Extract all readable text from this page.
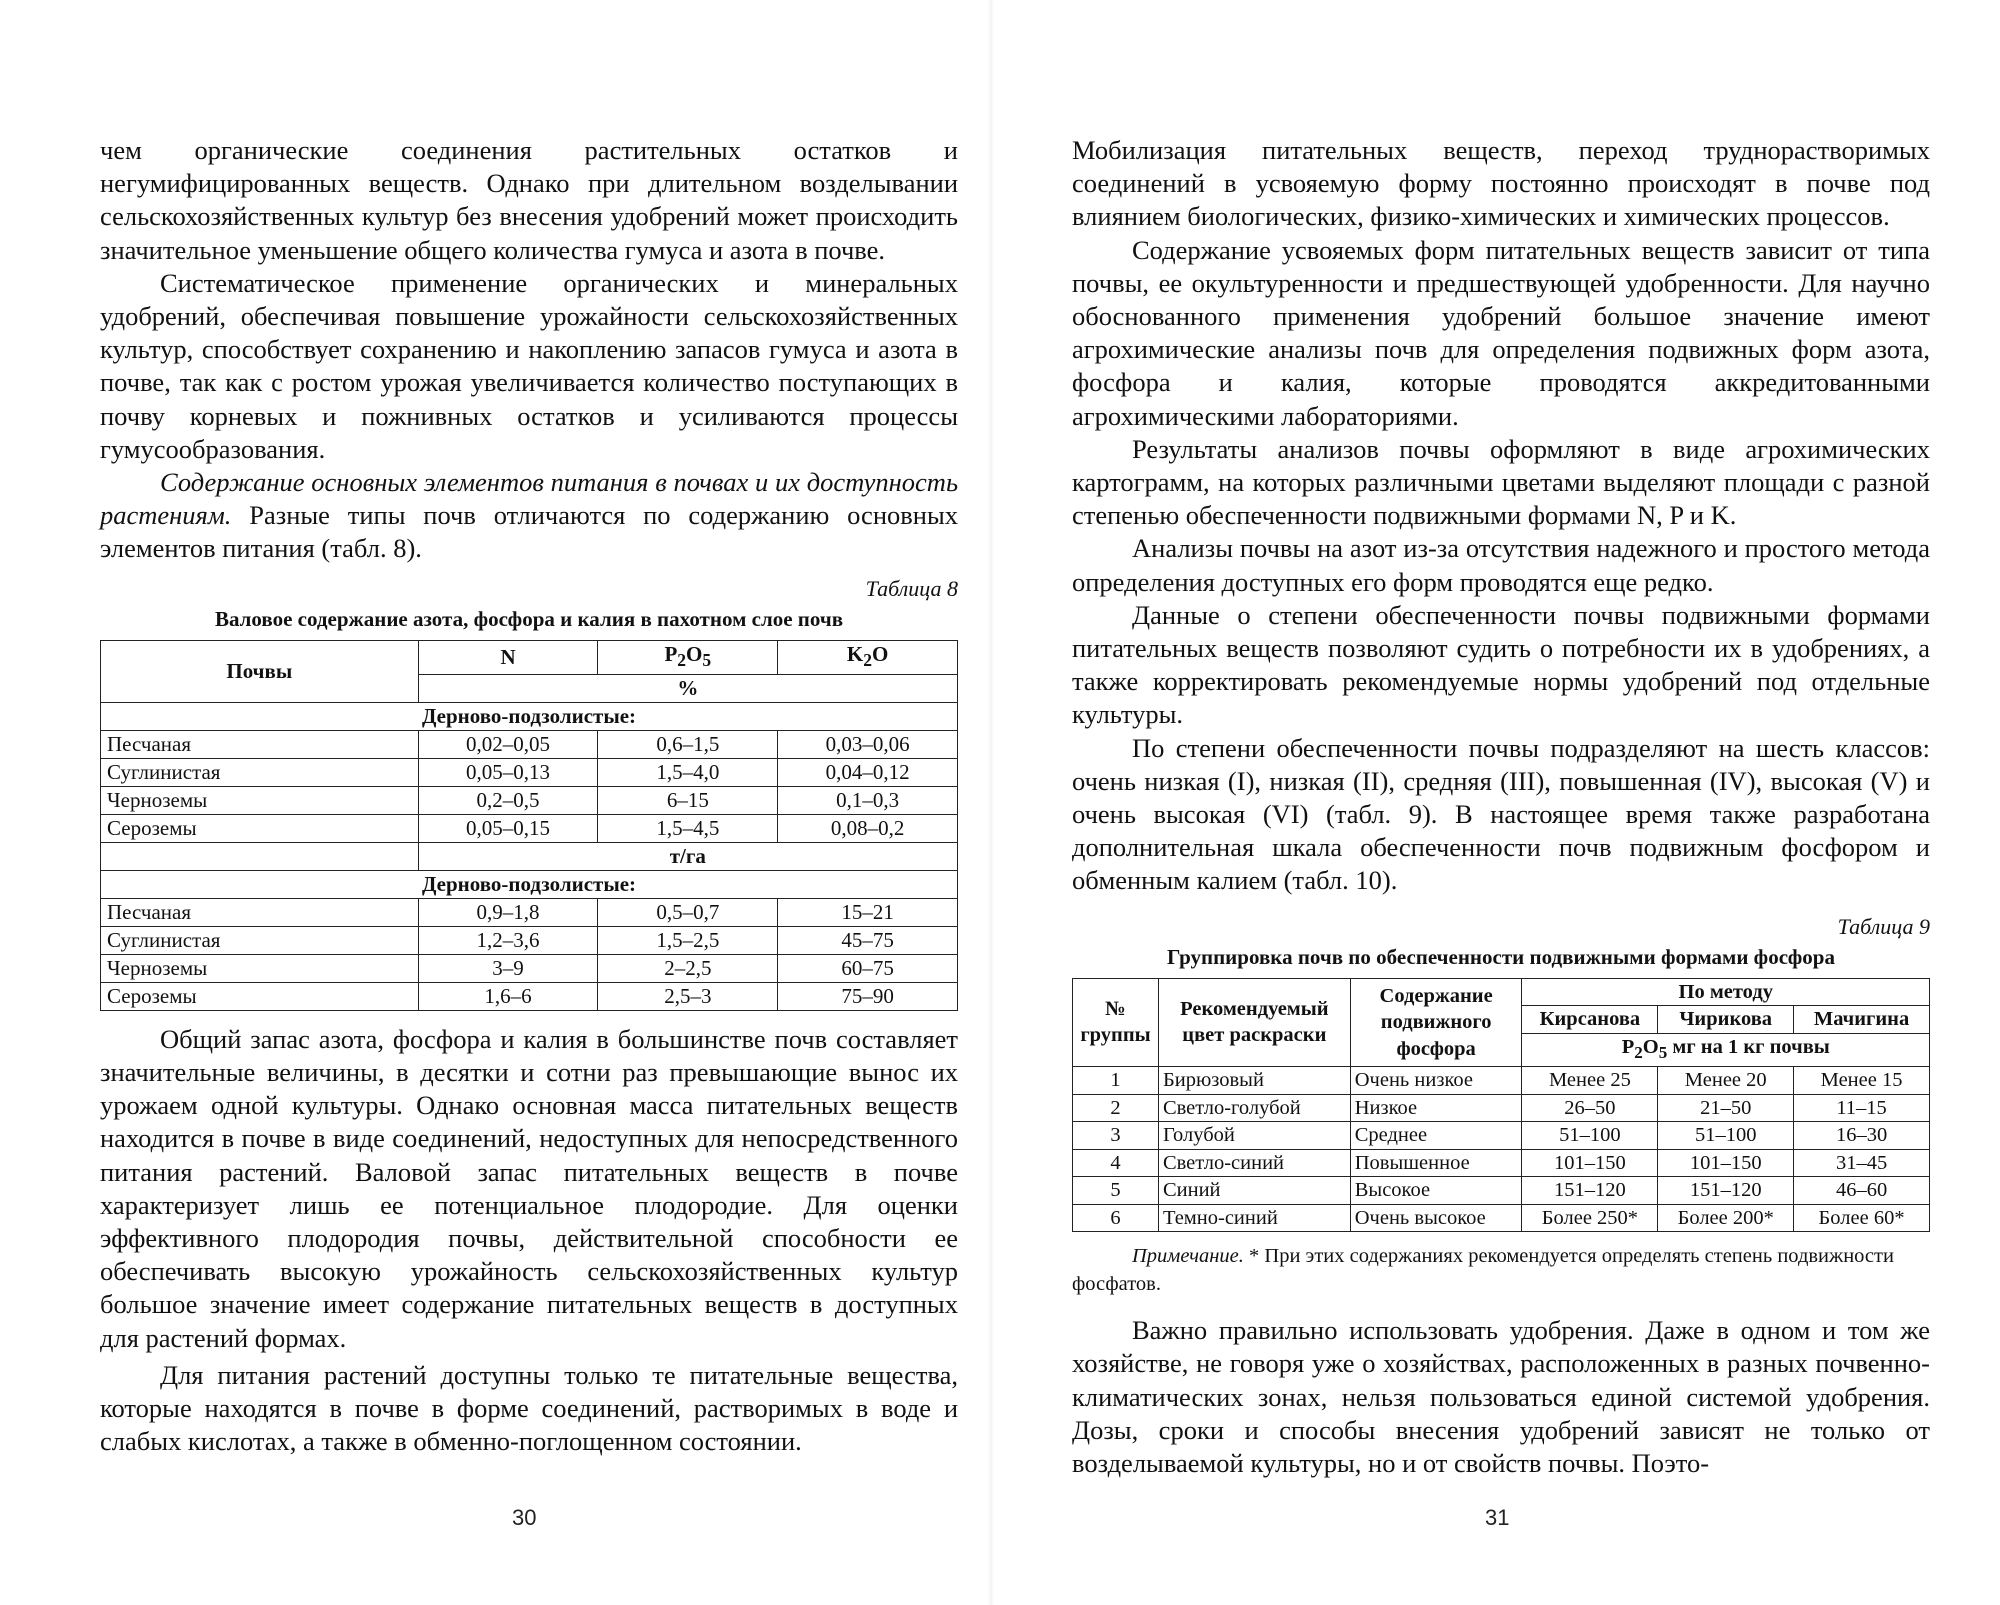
чем органические соединения растительных остатков и негумифицированных веществ. Однако при длительном возделывании сельскохозяйственных культур без внесения удобрений может происходить значительное уменьшение общего количества гумуса и азота в почве.

Систематическое применение органических и минеральных удобрений, обеспечивая повышение урожайности сельскохозяйственных культур, способствует сохранению и накоплению запасов гумуса и азота в почве, так как с ростом урожая увеличивается количество поступающих в почву корневых и пожнивных остатков и усиливаются процессы гумусообразования.

Содержание основных элементов питания в почвах и их доступность растениям. Разные типы почв отличаются по содержанию основных элементов питания (табл. 8).

Таблица 8
Валовое содержание азота, фосфора и калия в пахотном слое почв
Почвы	N	$P_2O_5$	$K_2O$
	%		
Дерново-подзолистые:			
Песчаная	0,02–0,05	0,6–1,5	0,03–0,06
Суглинистая	0,05–0,13	1,5–4,0	0,04–0,12
Черноземы	0,2–0,5	6–15	0,1–0,3
Сероземы	0,05–0,15	1,5–4,5	0,08–0,2
	т/га		
Дерново-подзолистые:			
Песчаная	0,9–1,8	0,5–0,7	15–21
Суглинистая	1,2–3,6	1,5–2,5	45–75
Черноземы	3–9	2–2,5	60–75
Сероземы	1,6–6	2,5–3	75–90

Общий запас азота, фосфора и калия в большинстве почв составляет значительные величины, в десятки и сотни раз превышающие вынос их урожаем одной культуры. Однако основная масса питательных веществ находится в почве в виде соединений, недоступных для непосредственного питания растений. Валовой запас питательных веществ в почве характеризует лишь ее потенциальное плодородие. Для оценки эффективного плодородия почвы, действительной способности ее обеспечивать высокую урожайность сельскохозяйственных культур большое значение имеет содержание питательных веществ в доступных для растений формах.

Для питания растений доступны только те питательные вещества, которые находятся в почве в форме соединений, растворимых в воде и слабых кислотах, а также в обменно-поглощенном состоянии.

Мобилизация питательных веществ, переход труднорастворимых соединений в усвояемую форму постоянно происходят в почве под влиянием биологических, физико-химических и химических процессов.

Содержание усвояемых форм питательных веществ зависит от типа почвы, ее окультуренности и предшествующей удобренности. Для научно обоснованного применения удобрений большое значение имеют агрохимические анализы почв для определения подвижных форм азота, фосфора и калия, которые проводятся аккредитованными агрохимическими лабораториями.

Результаты анализов почвы оформляют в виде агрохимических картограмм, на которых различными цветами выделяют площади с разной степенью обеспеченности подвижными формами N, P и K.

Анализы почвы на азот из-за отсутствия надежного и простого метода определения доступных его форм проводятся еще редко.

Данные о степени обеспеченности почвы подвижными формами питательных веществ позволяют судить о потребности их в удобрениях, а также корректировать рекомендуемые нормы удобрений под отдельные культуры.

По степени обеспеченности почвы подразделяют на шесть классов: очень низкая (I), низкая (II), средняя (III), повышенная (IV), высокая (V) и очень высокая (VI) (табл. 9). В настоящее время также разработана дополнительная шкала обеспеченности почв подвижным фосфором и обменным калием (табл. 10).

Таблица 9
Группировка почв по обеспеченности подвижными формами фосфора
№ группы	Рекомендуемый цвет раскраски	Содержание подвижного фосфора	По методу		
			Кирсанова	Чирикова	Мачигина
			$P_2O_5$ мг на 1 кг почвы		
1	Бирюзовый	Очень низкое	Менее 25	Менее 20	Менее 15
2	Светло-голубой	Низкое	26–50	21–50	11–15
3	Голубой	Среднее	51–100	51–100	16–30
4	Светло-синий	Повышенное	101–150	101–150	31–45
5	Синий	Высокое	151–120	151–120	46–60
6	Темно-синий	Очень высокое	Более 250*	Более 200*	Более 60*
Примечание. * При этих содержаниях рекомендуется определять степень подвижности фосфатов.

Важно правильно использовать удобрения. Даже в одном и том же хозяйстве, не говоря уже о хозяйствах, расположенных в разных почвенно-климатических зонах, нельзя пользоваться единой системой удобрения. Дозы, сроки и способы внесения удобрений зависят не только от возделываемой культуры, но и от свойств почвы. Поэто-

30	31
